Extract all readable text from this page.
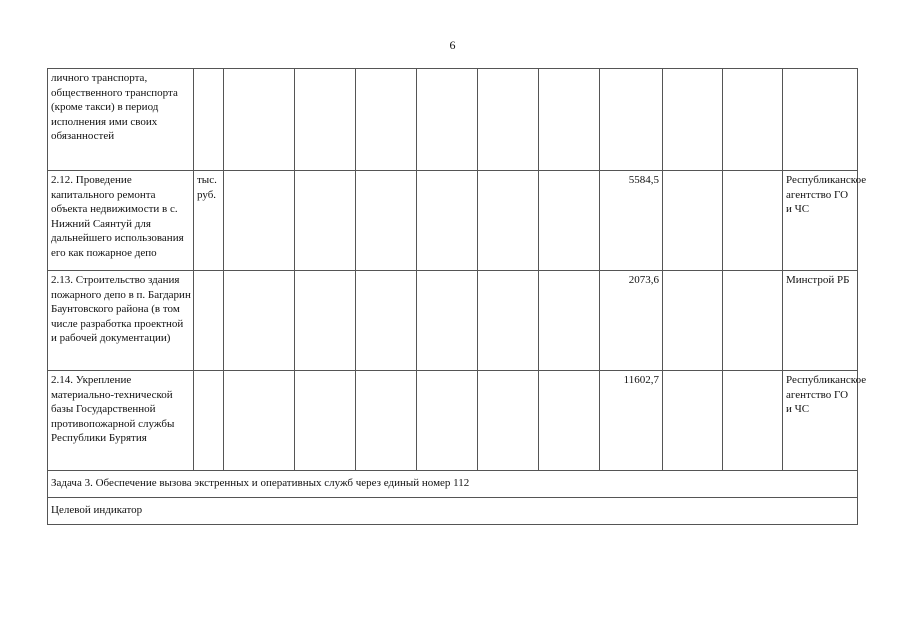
6
личного транспорта, общественного транспорта (кроме такси) в период исполнения ими своих обязанностей											
2.12. Проведение капитального ремонта объекта недвижимости в с. Нижний Саянтуй для дальнейшего использования его как пожарное депо	тыс. руб.							5584,5			Республиканское агентство ГО и ЧС
2.13. Строительство здания пожарного депо в п. Багдарин Баунтовского района (в том числе разработка проектной и рабочей документации)								2073,6			Минстрой РБ
2.14. Укрепление материально-технической базы Государственной противопожарной службы Республики Бурятия								11602,7			Республиканское агентство ГО и ЧС
Задача 3. Обеспечение вызова экстренных и оперативных служб через единый номер 112											
Целевой индикатор											
